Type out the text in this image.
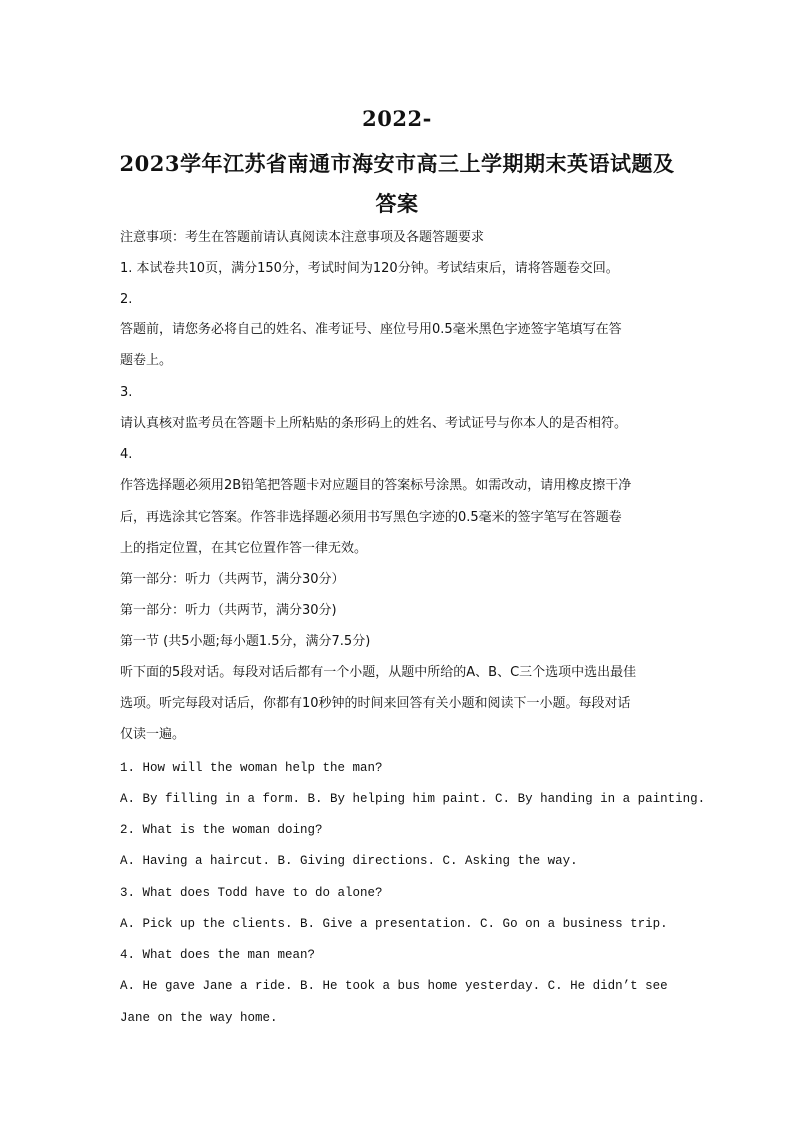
2022-
2023学年江苏省南通市海安市高三上学期期末英语试题及
答案
注意事项：考生在答题前请认真阅读本注意事项及各题答题要求
1. 本试卷共10页，满分150分，考试时间为120分钟。考试结束后，请将答题卷交回。
2.
答题前，请您务必将自己的姓名、准考证号、座位号用0.5毫米黑色字迹签字笔填写在答
题卷上。
3.
请认真核对监考员在答题卡上所粘贴的条形码上的姓名、考试证号与你本人的是否相符。
4.
作答选择题必须用2B铅笔把答题卡对应题目的答案标号涂黑。如需改动，请用橡皮擦干净
后，再选涂其它答案。作答非选择题必须用书写黑色字迹的0.5毫米的签字笔写在答题卷
上的指定位置，在其它位置作答一律无效。
第一部分：听力（共两节，满分30分）
第一部分：听力（共两节，满分30分)
第一节 (共5小题;每小题1.5分，满分7.5分)
听下面的5段对话。每段对话后都有一个小题，从题中所给的A、B、C三个选项中选出最佳
选项。听完每段对话后，你都有10秒钟的时间来回答有关小题和阅读下一小题。每段对话
仅读一遍。
1. How will the woman help the man?
A. By filling in a form. B. By helping him paint. C. By handing in a painting.
2. What is the woman doing?
A. Having a haircut. B. Giving directions. C. Asking the way.
3. What does Todd have to do alone?
A. Pick up the clients. B. Give a presentation. C. Go on a business trip.
4. What does the man mean?
A. He gave Jane a ride. B. He took a bus home yesterday. C. He didn’t see
Jane on the way home.
